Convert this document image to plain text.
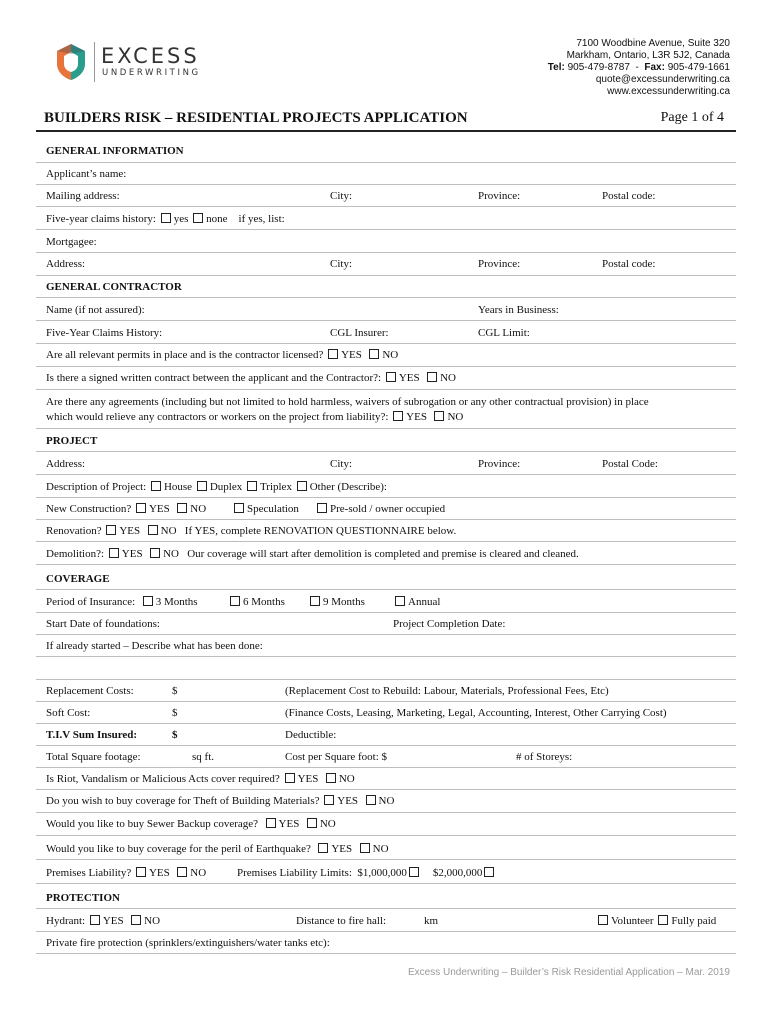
EXCESS
UNDERWRITING
7100 Woodbine Avenue, Suite 320
Markham, Ontario, L3R 5J2, Canada
Tel: 905-479-8787 - Fax: 905-479-1661
quote@excessunderwriting.ca
www.excessunderwriting.ca
BUILDERS RISK – RESIDENTIAL PROJECTS APPLICATION	Page 1 of 4
GENERAL INFORMATION
Applicant’s name:
Mailing address:	City:	Province:	Postal code:
Five-year claims history: yes none if yes, list:
Mortgagee:
Address:	City:	Province:	Postal code:
GENERAL CONTRACTOR
Name (if not assured):	Years in Business:
Five-Year Claims History:	CGL Insurer:	CGL Limit:
Are all relevant permits in place and is the contractor licensed? YES NO
Is there a signed written contract between the applicant and the Contractor?: YES NO
Are there any agreements (including but not limited to hold harmless, waivers of subrogation or any other contractual provision) in place
which would relieve any contractors or workers on the project from liability?: YES NO
PROJECT
Address:	City:	Province:	Postal Code:
Description of Project: House Duplex Triplex Other (Describe):
New Construction? YES NO	Speculation	Pre-sold / owner occupied
Renovation? YES NO If YES, complete RENOVATION QUESTIONNAIRE below.
Demolition?: YES NO Our coverage will start after demolition is completed and premise is cleared and cleaned.
COVERAGE
Period of Insurance: 3 Months	6 Months	9 Months	Annual
Start Date of foundations:	Project Completion Date:
If already started – Describe what has been done:
Replacement Costs:	$	(Replacement Cost to Rebuild: Labour, Materials, Professional Fees, Etc)
Soft Cost:	$	(Finance Costs, Leasing, Marketing, Legal, Accounting, Interest, Other Carrying Cost)
T.I.V Sum Insured:	$	Deductible:
Total Square footage:	sq ft.	Cost per Square foot: $	# of Storeys:
Is Riot, Vandalism or Malicious Acts cover required? YES NO
Do you wish to buy coverage for Theft of Building Materials? YES NO
Would you like to buy Sewer Backup coverage? YES NO
Would you like to buy coverage for the peril of Earthquake? YES NO
Premises Liability? YES NO	Premises Liability Limits: $1,000,000 $2,000,000
PROTECTION
Hydrant: YES NO	Distance to fire hall:	km	Volunteer Fully paid
Private fire protection (sprinklers/extinguishers/water tanks etc):
Excess Underwriting – Builder’s Risk Residential Application – Mar. 2019
